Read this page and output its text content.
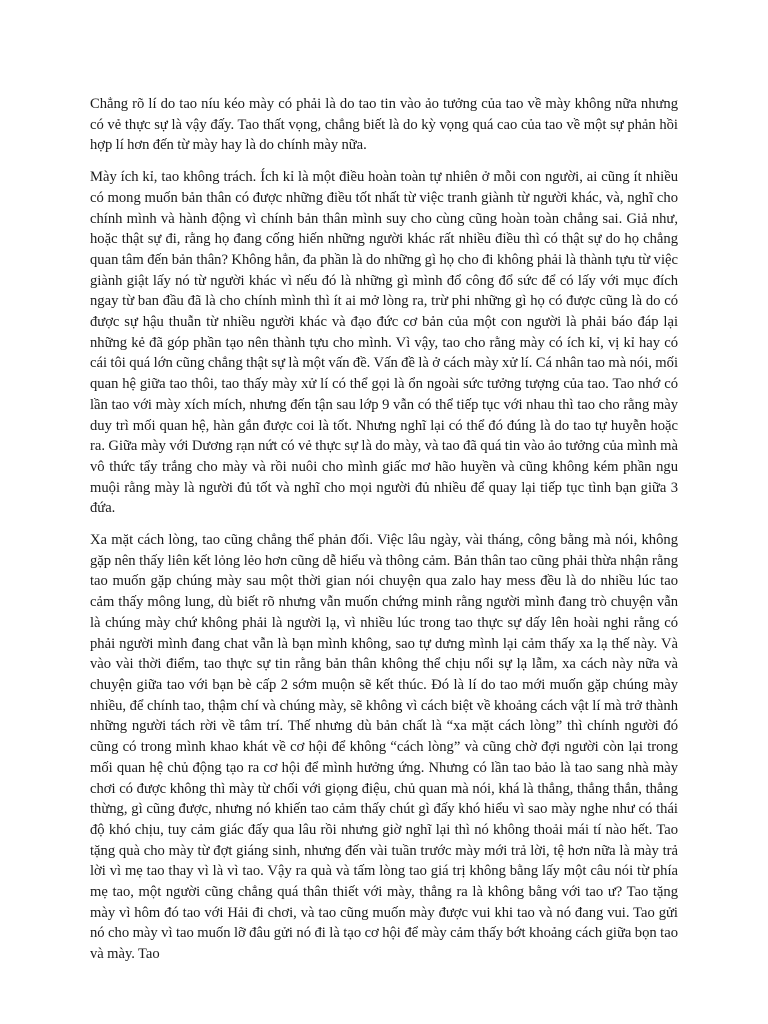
Chẳng rõ lí do tao níu kéo mày có phải là do tao tin vào ảo tưởng của tao về mày không nữa nhưng có vẻ thực sự là vậy đấy. Tao thất vọng, chẳng biết là do kỳ vọng quá cao của tao về một sự phản hồi hợp lí hơn đến từ mày hay là do chính mày nữa.

Mày ích kỉ, tao không trách. Ích kỉ là một điều hoàn toàn tự nhiên ở mỗi con người, ai cũng ít nhiều có mong muốn bản thân có được những điều tốt nhất từ việc tranh giành từ người khác, và, nghĩ cho chính mình và hành động vì chính bản thân mình suy cho cùng cũng hoàn toàn chẳng sai. Giả như, hoặc thật sự đi, rằng họ đang cống hiến những người khác rất nhiều điều thì có thật sự do họ chẳng quan tâm đến bản thân? Không hẳn, đa phần là do những gì họ cho đi không phải là thành tựu từ việc giành giật lấy nó từ người khác vì nếu đó là những gì mình đổ công đổ sức để có lấy với mục đích ngay từ ban đầu đã là cho chính mình thì ít ai mở lòng ra, trừ phi những gì họ có được cũng là do có được sự hậu thuẫn từ nhiều người khác và đạo đức cơ bản của một con người là phải báo đáp lại những kẻ đã góp phần tạo nên thành tựu cho mình. Vì vậy, tao cho rằng mày có ích kỉ, vị kỉ hay có cái tôi quá lớn cũng chẳng thật sự là một vấn đề. Vấn đề là ở cách mày xử lí. Cá nhân tao mà nói, mối quan hệ giữa tao thôi, tao thấy mày xử lí có thể gọi là ổn ngoài sức tưởng tượng của tao. Tao nhớ có lần tao với mày xích mích, nhưng đến tận sau lớp 9 vẫn có thể tiếp tục với nhau thì tao cho rằng mày duy trì mối quan hệ, hàn gắn được coi là tốt. Nhưng nghĩ lại có thể đó đúng là do tao tự huyễn hoặc ra. Giữa mày với Dương rạn nứt có vẻ thực sự là do mày, và tao đã quá tin vào ảo tưởng của mình mà vô thức tẩy trắng cho mày và rồi nuôi cho mình giấc mơ hão huyền và cũng không kém phần ngu muội rằng mày là người đủ tốt và nghĩ cho mọi người đủ nhiều để quay lại tiếp tục tình bạn giữa 3 đứa.

Xa mặt cách lòng, tao cũng chẳng thể phản đối. Việc lâu ngày, vài tháng, công bằng mà nói, không gặp nên thấy liên kết lỏng lẻo hơn cũng dễ hiểu và thông cảm. Bản thân tao cũng phải thừa nhận rằng tao muốn gặp chúng mày sau một thời gian nói chuyện qua zalo hay mess đều là do nhiều lúc tao cảm thấy mông lung, dù biết rõ nhưng vẫn muốn chứng minh rằng người mình đang trò chuyện vẫn là chúng mày chứ không phải là người lạ, vì nhiều lúc trong tao thực sự dấy lên hoài nghi rằng có phải người mình đang chat vẫn là bạn mình không, sao tự dưng mình lại cảm thấy xa lạ thế này. Và vào vài thời điểm, tao thực sự tin rằng bản thân không thể chịu nổi sự lạ lẫm, xa cách này nữa và chuyện giữa tao với bạn bè cấp 2 sớm muộn sẽ kết thúc. Đó là lí do tao mới muốn gặp chúng mày nhiều, để chính tao, thậm chí và chúng mày, sẽ không vì cách biệt về khoảng cách vật lí mà trở thành những người tách rời về tâm trí. Thế nhưng dù bản chất là “xa mặt cách lòng” thì chính người đó cũng có trong mình khao khát về cơ hội để không “cách lòng” và cũng chờ đợi người còn lại trong mối quan hệ chủ động tạo ra cơ hội để mình hưởng ứng. Nhưng có lần tao bảo là tao sang nhà mày chơi có được không thì mày từ chối với giọng điệu, chủ quan mà nói, khá là thẳng, thẳng thắn, thẳng thừng, gì cũng được, nhưng nó khiến tao cảm thấy chút gì đấy khó hiểu vì sao mày nghe như có thái độ khó chịu, tuy cảm giác đấy qua lâu rồi nhưng giờ nghĩ lại thì nó không thoải mái tí nào hết. Tao tặng quà cho mày từ đợt giáng sinh, nhưng đến vài tuần trước mày mới trả lời, tệ hơn nữa là mày trả lời vì mẹ tao thay vì là vì tao. Vậy ra quà và tấm lòng tao giá trị không bằng lấy một câu nói từ phía mẹ tao, một người cũng chẳng quá thân thiết với mày, thẳng ra là không bằng với tao ư? Tao tặng mày vì hôm đó tao với Hải đi chơi, và tao cũng muốn mày được vui khi tao và nó đang vui. Tao gửi nó cho mày vì tao muốn lỡ đâu gửi nó đi là tạo cơ hội để mày cảm thấy bớt khoảng cách giữa bọn tao và mày. Tao
